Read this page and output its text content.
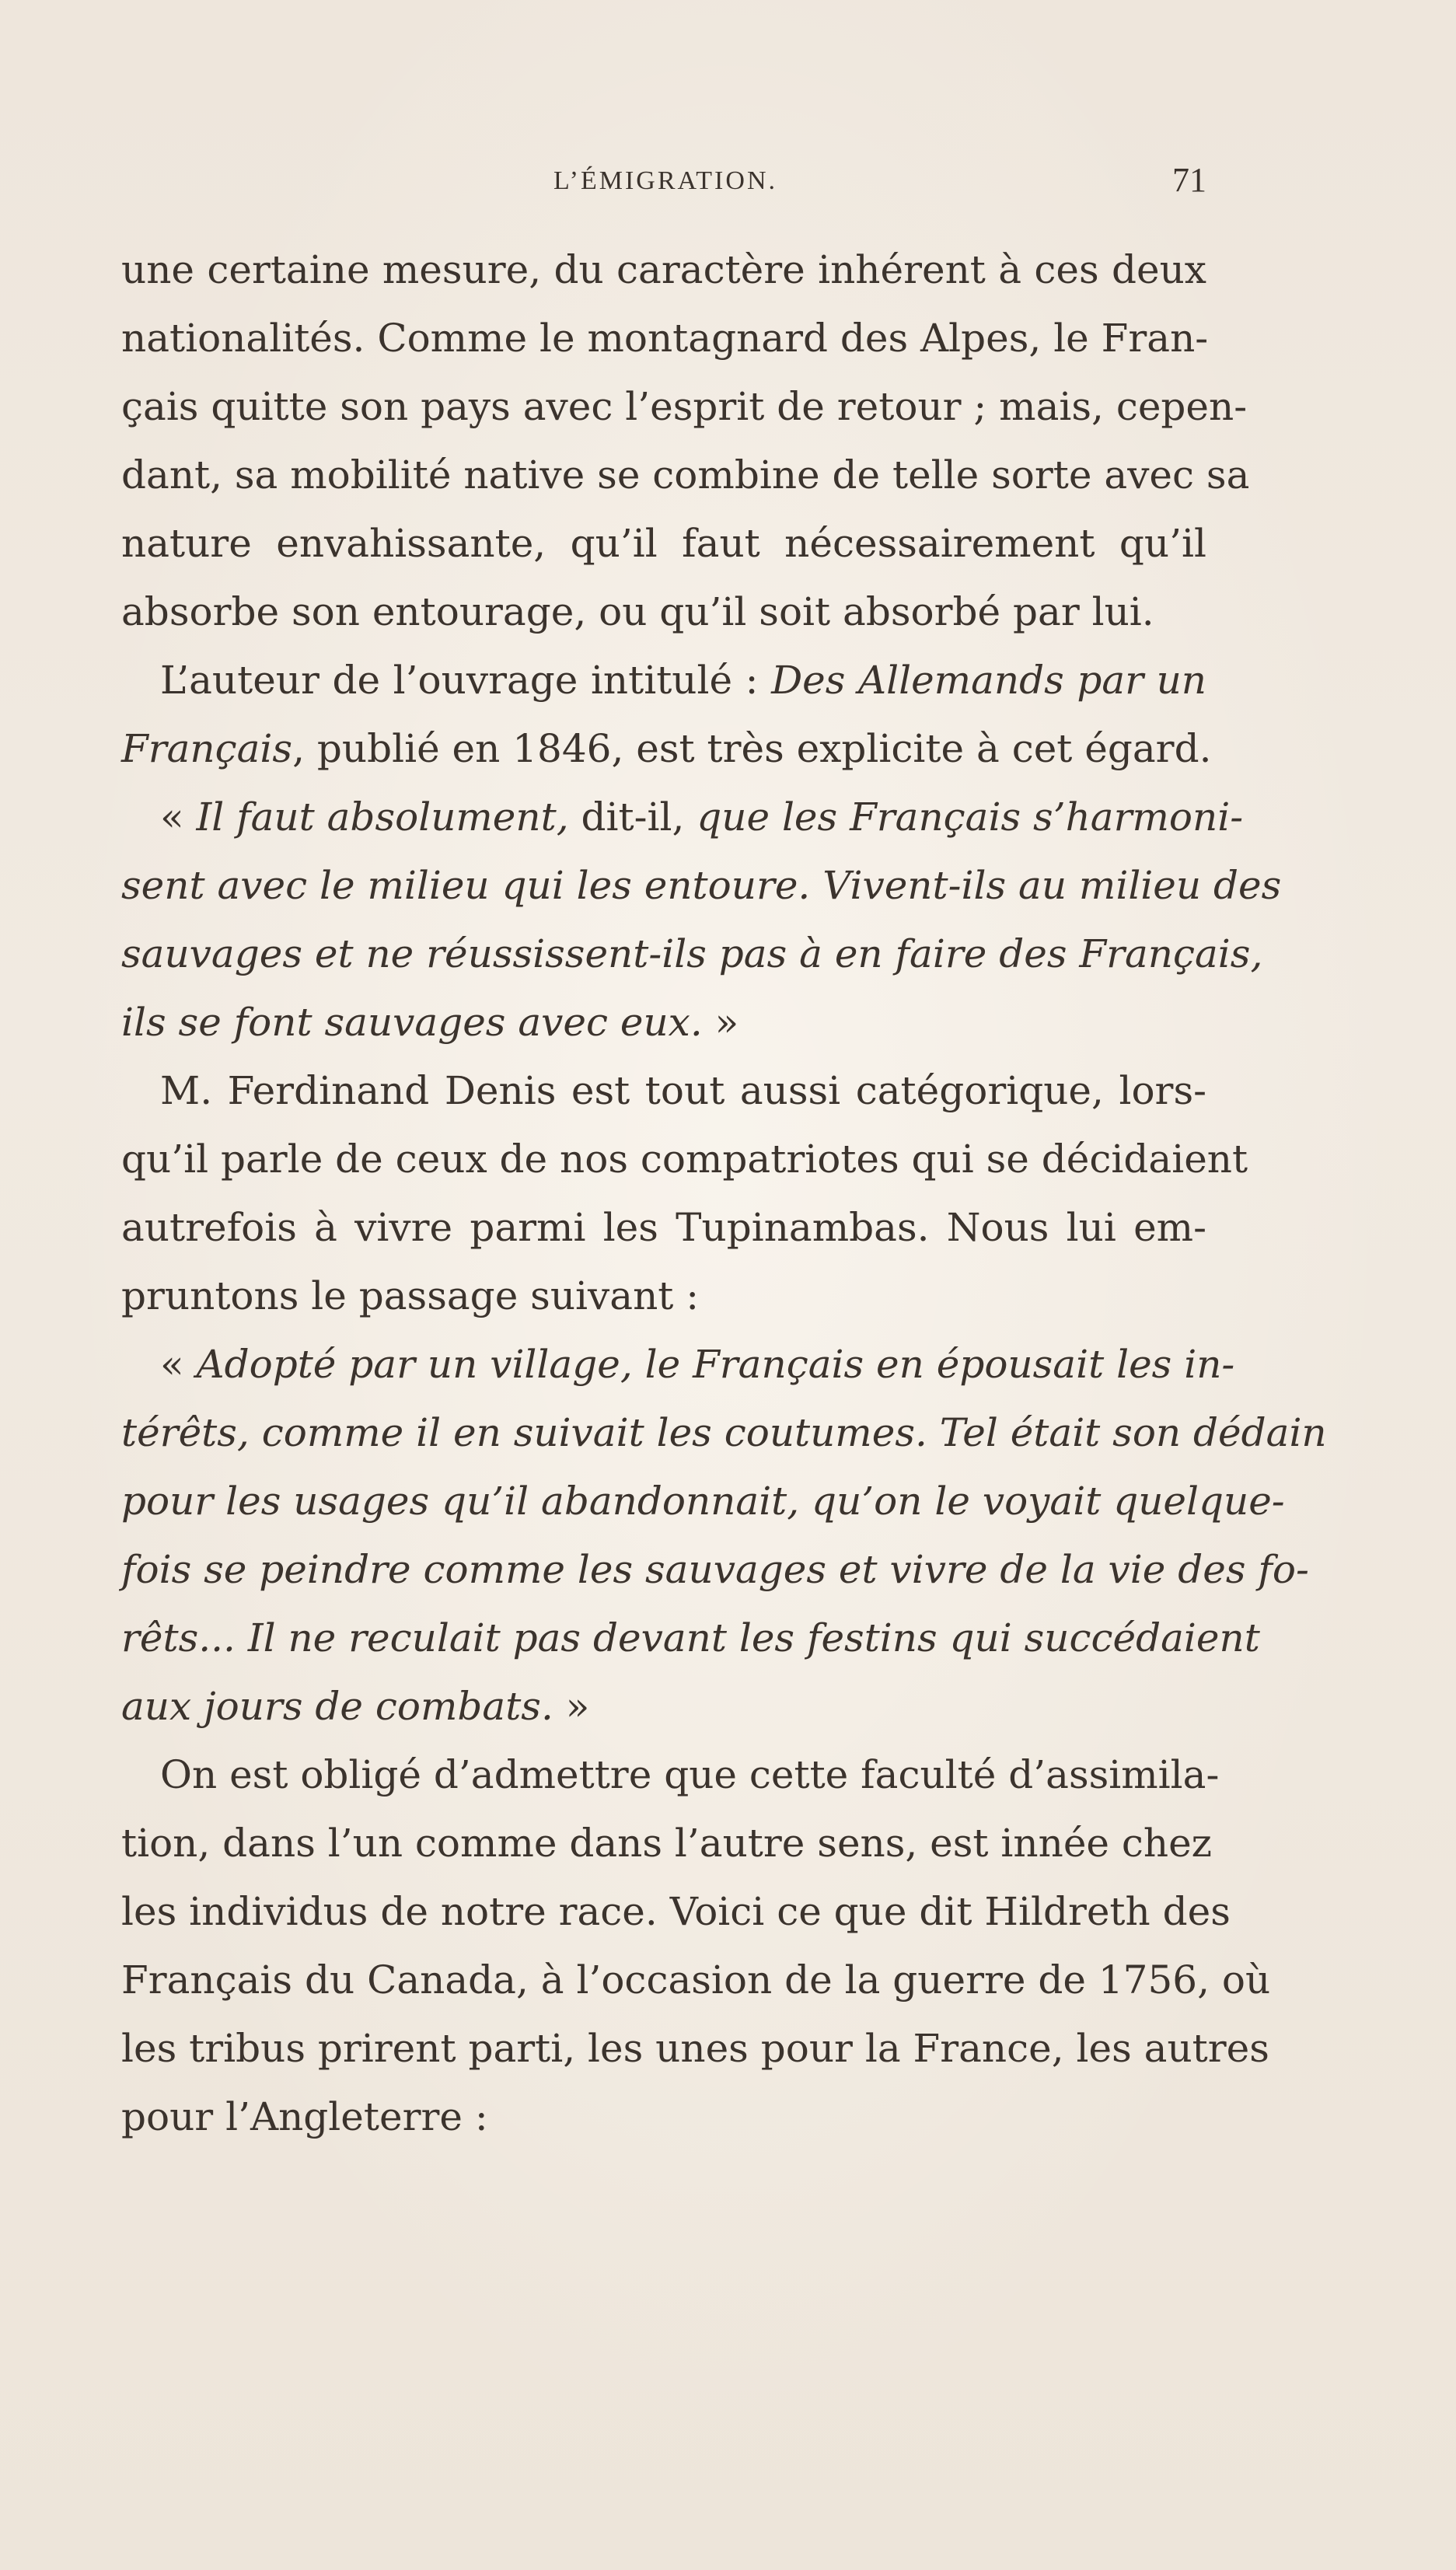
L’ÉMIGRATION.	71
une certaine mesure, du caractère inhérent à ces deux
nationalités. Comme le montagnard des Alpes, le Fran-
çais quitte son pays avec l’esprit de retour ; mais, cepen-
dant, sa mobilité native se combine de telle sorte avec sa
nature envahissante, qu’il faut nécessairement qu’il
absorbe son entourage, ou qu’il soit absorbé par lui.
L’auteur de l’ouvrage intitulé : Des Allemands par un
Français, publié en 1846, est très explicite à cet égard.
« Il faut absolument, dit-il, que les Français s’harmoni-
sent avec le milieu qui les entoure. Vivent-ils au milieu des
sauvages et ne réussissent-ils pas à en faire des Français,
ils se font sauvages avec eux. »
M. Ferdinand Denis est tout aussi catégorique, lors-
qu’il parle de ceux de nos compatriotes qui se décidaient
autrefois à vivre parmi les Tupinambas. Nous lui em-
pruntons le passage suivant :
« Adopté par un village, le Français en épousait les in-
térêts, comme il en suivait les coutumes. Tel était son dédain
pour les usages qu’il abandonnait, qu’on le voyait quelque-
fois se peindre comme les sauvages et vivre de la vie des fo-
rêts... Il ne reculait pas devant les festins qui succédaient
aux jours de combats. »
On est obligé d’admettre que cette faculté d’assimila-
tion, dans l’un comme dans l’autre sens, est innée chez
les individus de notre race. Voici ce que dit Hildreth des
Français du Canada, à l’occasion de la guerre de 1756, où
les tribus prirent parti, les unes pour la France, les autres
pour l’Angleterre :
